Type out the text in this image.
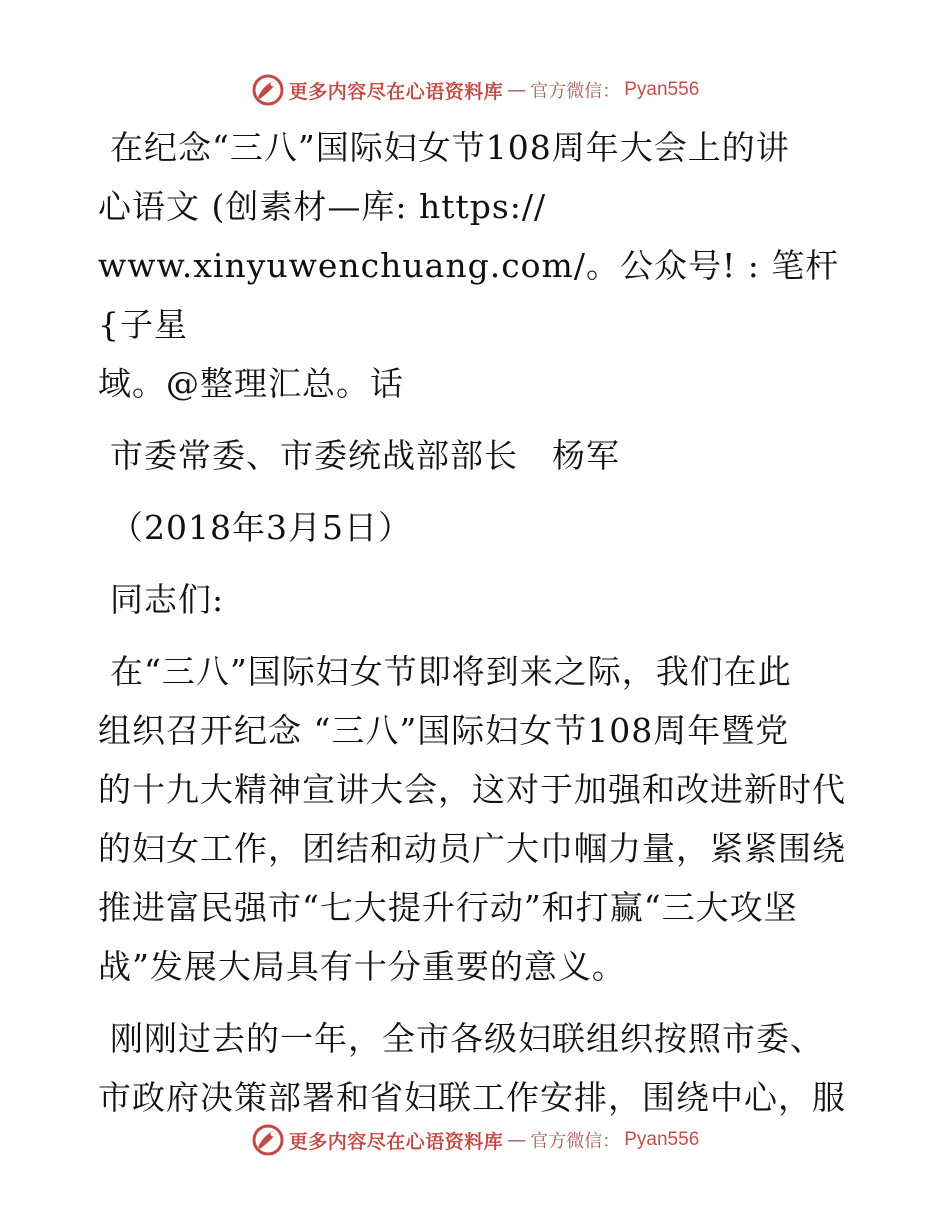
更多内容尽在心语资料库 — 官方微信： Pyan556

在纪念“三八”国际妇女节108周年大会上的讲

心语文 (创素材—库: https://

www.xinyuwenchuang.com/。公众号! : 笔杆{子星

域。@整理汇总。话

市委常委、市委统战部部长　杨军

（2018年3月5日）

同志们:

在“三八”国际妇女节即将到来之际，我们在此

组织召开纪念 “三八”国际妇女节108周年暨党

的十九大精神宣讲大会，这对于加强和改进新时代

的妇女工作，团结和动员广大巾帼力量，紧紧围绕

推进富民强市“七大提升行动”和打赢“三大攻坚

战”发展大局具有十分重要的意义。

刚刚过去的一年，全市各级妇联组织按照市委、

市政府决策部署和省妇联工作安排，围绕中心，服

更多内容尽在心语资料库 — 官方微信： Pyan556
